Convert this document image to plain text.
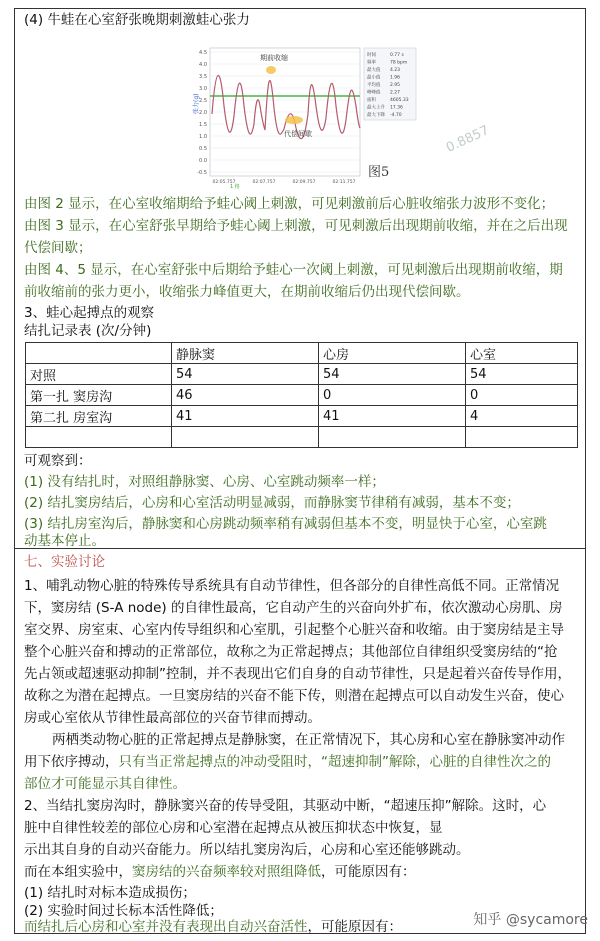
(4) 牛蛙在心室舒张晚期刺激蛙心张力
4.5
4.0
3.5
3.0
2.5
2.0
1.5
1.0
0.5
0.0
-0.5
张力(g)
期前收缩
代偿间歇
02:05.757	02:07.757	02:09.757	02:11.757
1 格
时间	0.77 s
频率	78 bpm
最大值 4.23
最小值 1.96
平均值 2.95
峰峰值 2.27
面积	4605.33
最大上升 17.36
最大下降 -4.70
图5
0.8857
由图 2 显示，在心室收缩期给予蛙心阈上刺激，可见刺激前后心脏收缩张力波形不变化；
由图 3 显示，在心室舒张早期给予蛙心阈上刺激，可见刺激后出现期前收缩，并在之后出现
代偿间歇；
由图 4、5 显示，在心室舒张中后期给予蛙心一次阈上刺激，可见刺激后出现期前收缩，期
前收缩前的张力更小，收缩张力峰值更大，在期前收缩后仍出现代偿间歇。
3、蛙心起搏点的观察
结扎记录表 (次/分钟)
	静脉窦	心房	心室
对照	54	54	54
第一扎 窦房沟	46	0	0
第二扎 房室沟	41	41	4

可观察到：
(1) 没有结扎时，对照组静脉窦、心房、心室跳动频率一样；
(2) 结扎窦房结后，心房和心室活动明显减弱，而静脉窦节律稍有减弱，基本不变；
(3) 结扎房室沟后，静脉窦和心房跳动频率稍有减弱但基本不变，明显快于心室，心室跳
动基本停止。
七、实验讨论
1、哺乳动物心脏的特殊传导系统具有自动节律性，但各部分的自律性高低不同。正常情况
下，窦房结 (S-A node) 的自律性最高，它自动产生的兴奋向外扩布，依次激动心房肌、房
室交界、房室束、心室内传导组织和心室肌，引起整个心脏兴奋和收缩。由于窦房结是主导
整个心脏兴奋和搏动的正常部位，故称之为正常起搏点；其他部位自律组织受窦房结的“抢
先占领或超速驱动抑制”控制，并不表现出它们自身的自动节律性，只是起着兴奋传导作用，
故称之为潜在起搏点。一旦窦房结的兴奋不能下传，则潜在起搏点可以自动发生兴奋，使心
房或心室依从节律性最高部位的兴奋节律而搏动。
两栖类动物心脏的正常起搏点是静脉窦，在正常情况下，其心房和心室在静脉窦冲动作
用下依序搏动，只有当正常起搏点的冲动受阻时，“超速抑制”解除，心脏的自律性次之的
部位才可能显示其自律性。
2、当结扎窦房沟时，静脉窦兴奋的传导受阻，其驱动中断，“超速压抑”解除。这时，心
脏中自律性较差的部位心房和心室潜在起搏点从被压抑状态中恢复，显
示出其自身的自动兴奋能力。所以结扎窦房沟后，心房和心室还能够跳动。
而在本组实验中，窦房结的兴奋频率较对照组降低，可能原因有：
(1) 结扎时对标本造成损伤；
(2) 实验时间过长标本活性降低；
而结扎后心房和心室并没有表现出自动兴奋活性，可能原因有：	知乎 @sycamore
